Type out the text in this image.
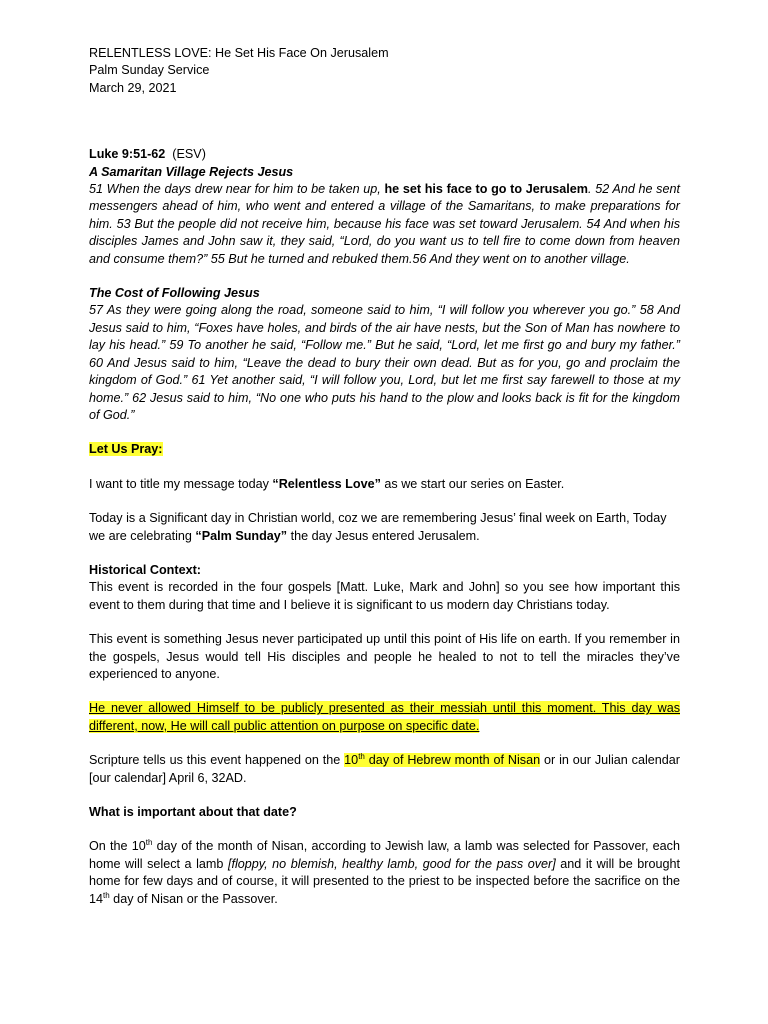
RELENTLESS LOVE: He Set His Face On Jerusalem

Palm Sunday Service

March 29, 2021

Luke 9:51-62  (ESV)

A Samaritan Village Rejects Jesus

51 When the days drew near for him to be taken up, he set his face to go to Jerusalem. 52 And he sent messengers ahead of him, who went and entered a village of the Samaritans, to make preparations for him. 53 But the people did not receive him, because his face was set toward Jerusalem. 54 And when his disciples James and John saw it, they said, “Lord, do you want us to tell fire to come down from heaven and consume them?” 55 But he turned and rebuked them.56 And they went on to another village.

The Cost of Following Jesus

57 As they were going along the road, someone said to him, “I will follow you wherever you go.” 58 And Jesus said to him, “Foxes have holes, and birds of the air have nests, but the Son of Man has nowhere to lay his head.” 59 To another he said, “Follow me.” But he said, “Lord, let me first go and bury my father.” 60 And Jesus said to him, “Leave the dead to bury their own dead. But as for you, go and proclaim the kingdom of God.” 61 Yet another said, “I will follow you, Lord, but let me first say farewell to those at my home.” 62 Jesus said to him, “No one who puts his hand to the plow and looks back is fit for the kingdom of God.”

Let Us Pray:

I want to title my message today “Relentless Love” as we start our series on Easter.

Today is a Significant day in Christian world, coz we are remembering Jesus’ final week on Earth, Today we are celebrating “Palm Sunday” the day Jesus entered Jerusalem.

Historical Context:

This event is recorded in the four gospels [Matt. Luke, Mark and John] so you see how important this event to them during that time and I believe it is significant to us modern day Christians today.

This event is something Jesus never participated up until this point of His life on earth. If you remember in the gospels, Jesus would tell His disciples and people he healed to not to tell the miracles they’ve experienced to anyone.

He never allowed Himself to be publicly presented as their messiah until this moment. This day was different, now, He will call public attention on purpose on specific date.

Scripture tells us this event happened on the 10th day of Hebrew month of Nisan or in our Julian calendar [our calendar] April 6, 32AD.

What is important about that date?

On the 10th day of the month of Nisan, according to Jewish law, a lamb was selected for Passover, each home will select a lamb [floppy, no blemish, healthy lamb, good for the pass over] and it will be brought home for few days and of course, it will presented to the priest to be inspected before the sacrifice on the 14th day of Nisan or the Passover.
